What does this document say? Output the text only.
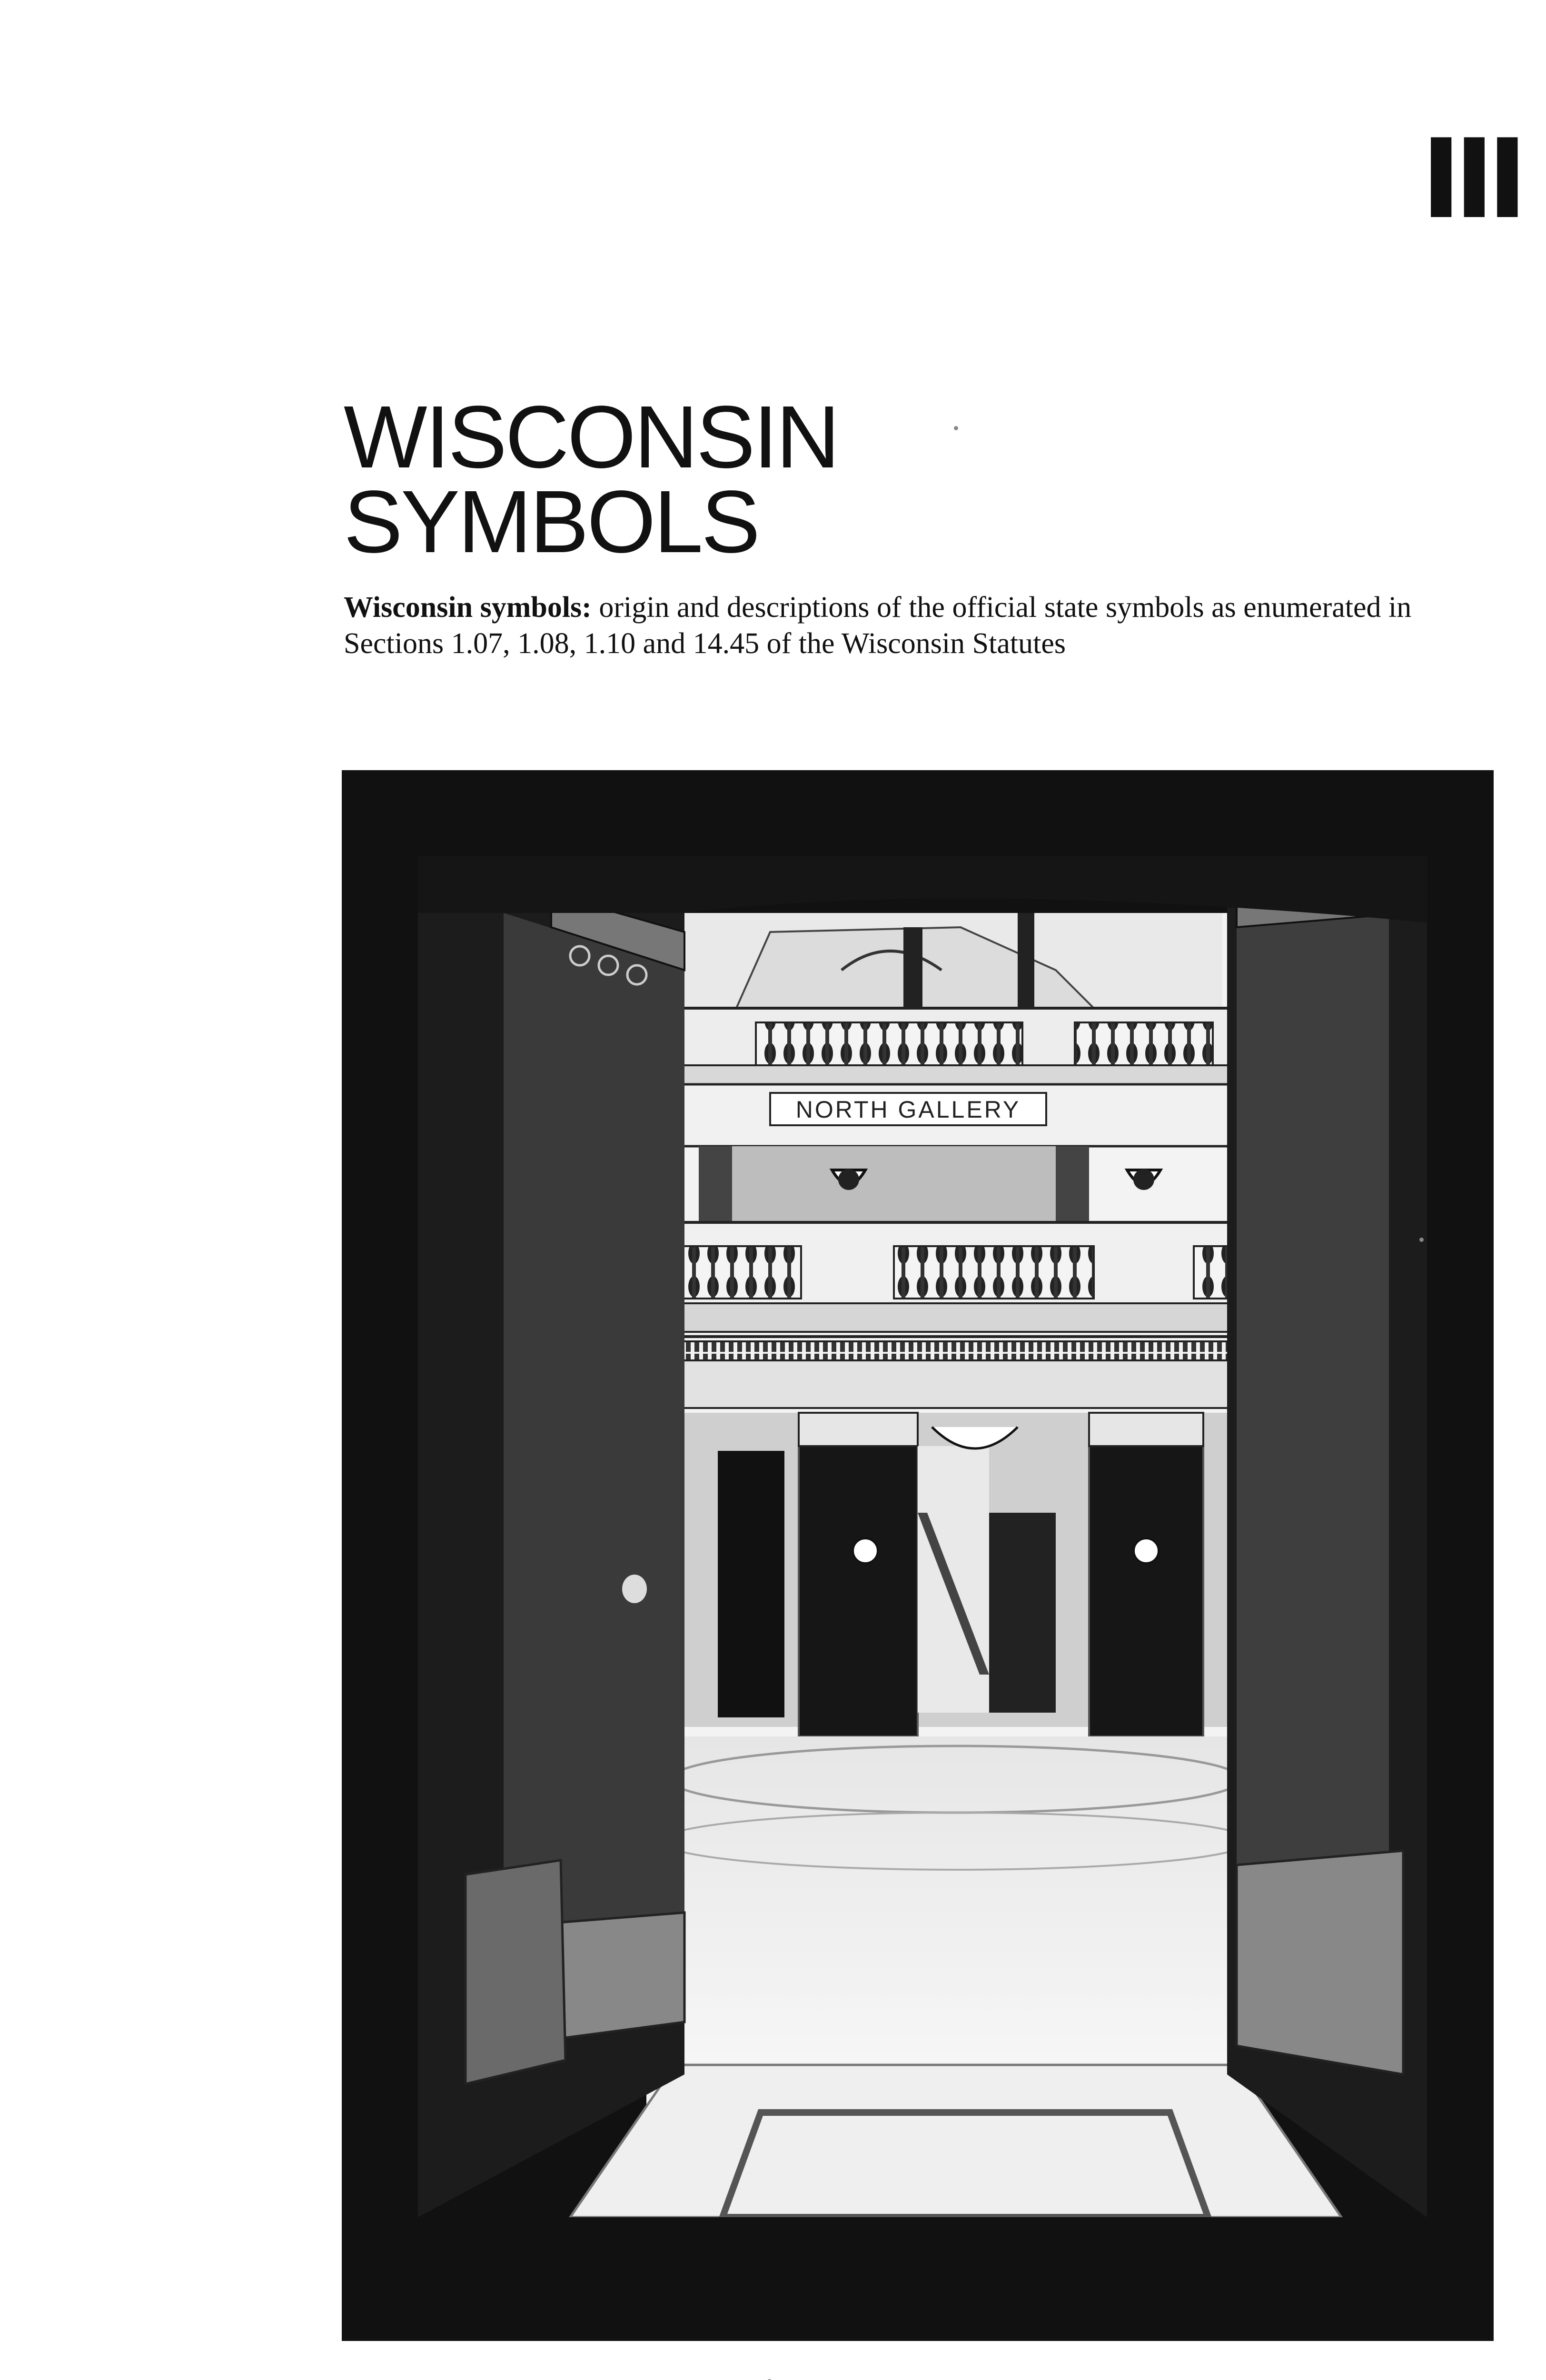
III
WISCONSIN
SYMBOLS

Wisconsin symbols: origin and descriptions of the official state symbols as enumerated in Sections 1.07, 1.08, 1.10 and 14.45 of the Wisconsin Statutes

NORTH GALLERY
